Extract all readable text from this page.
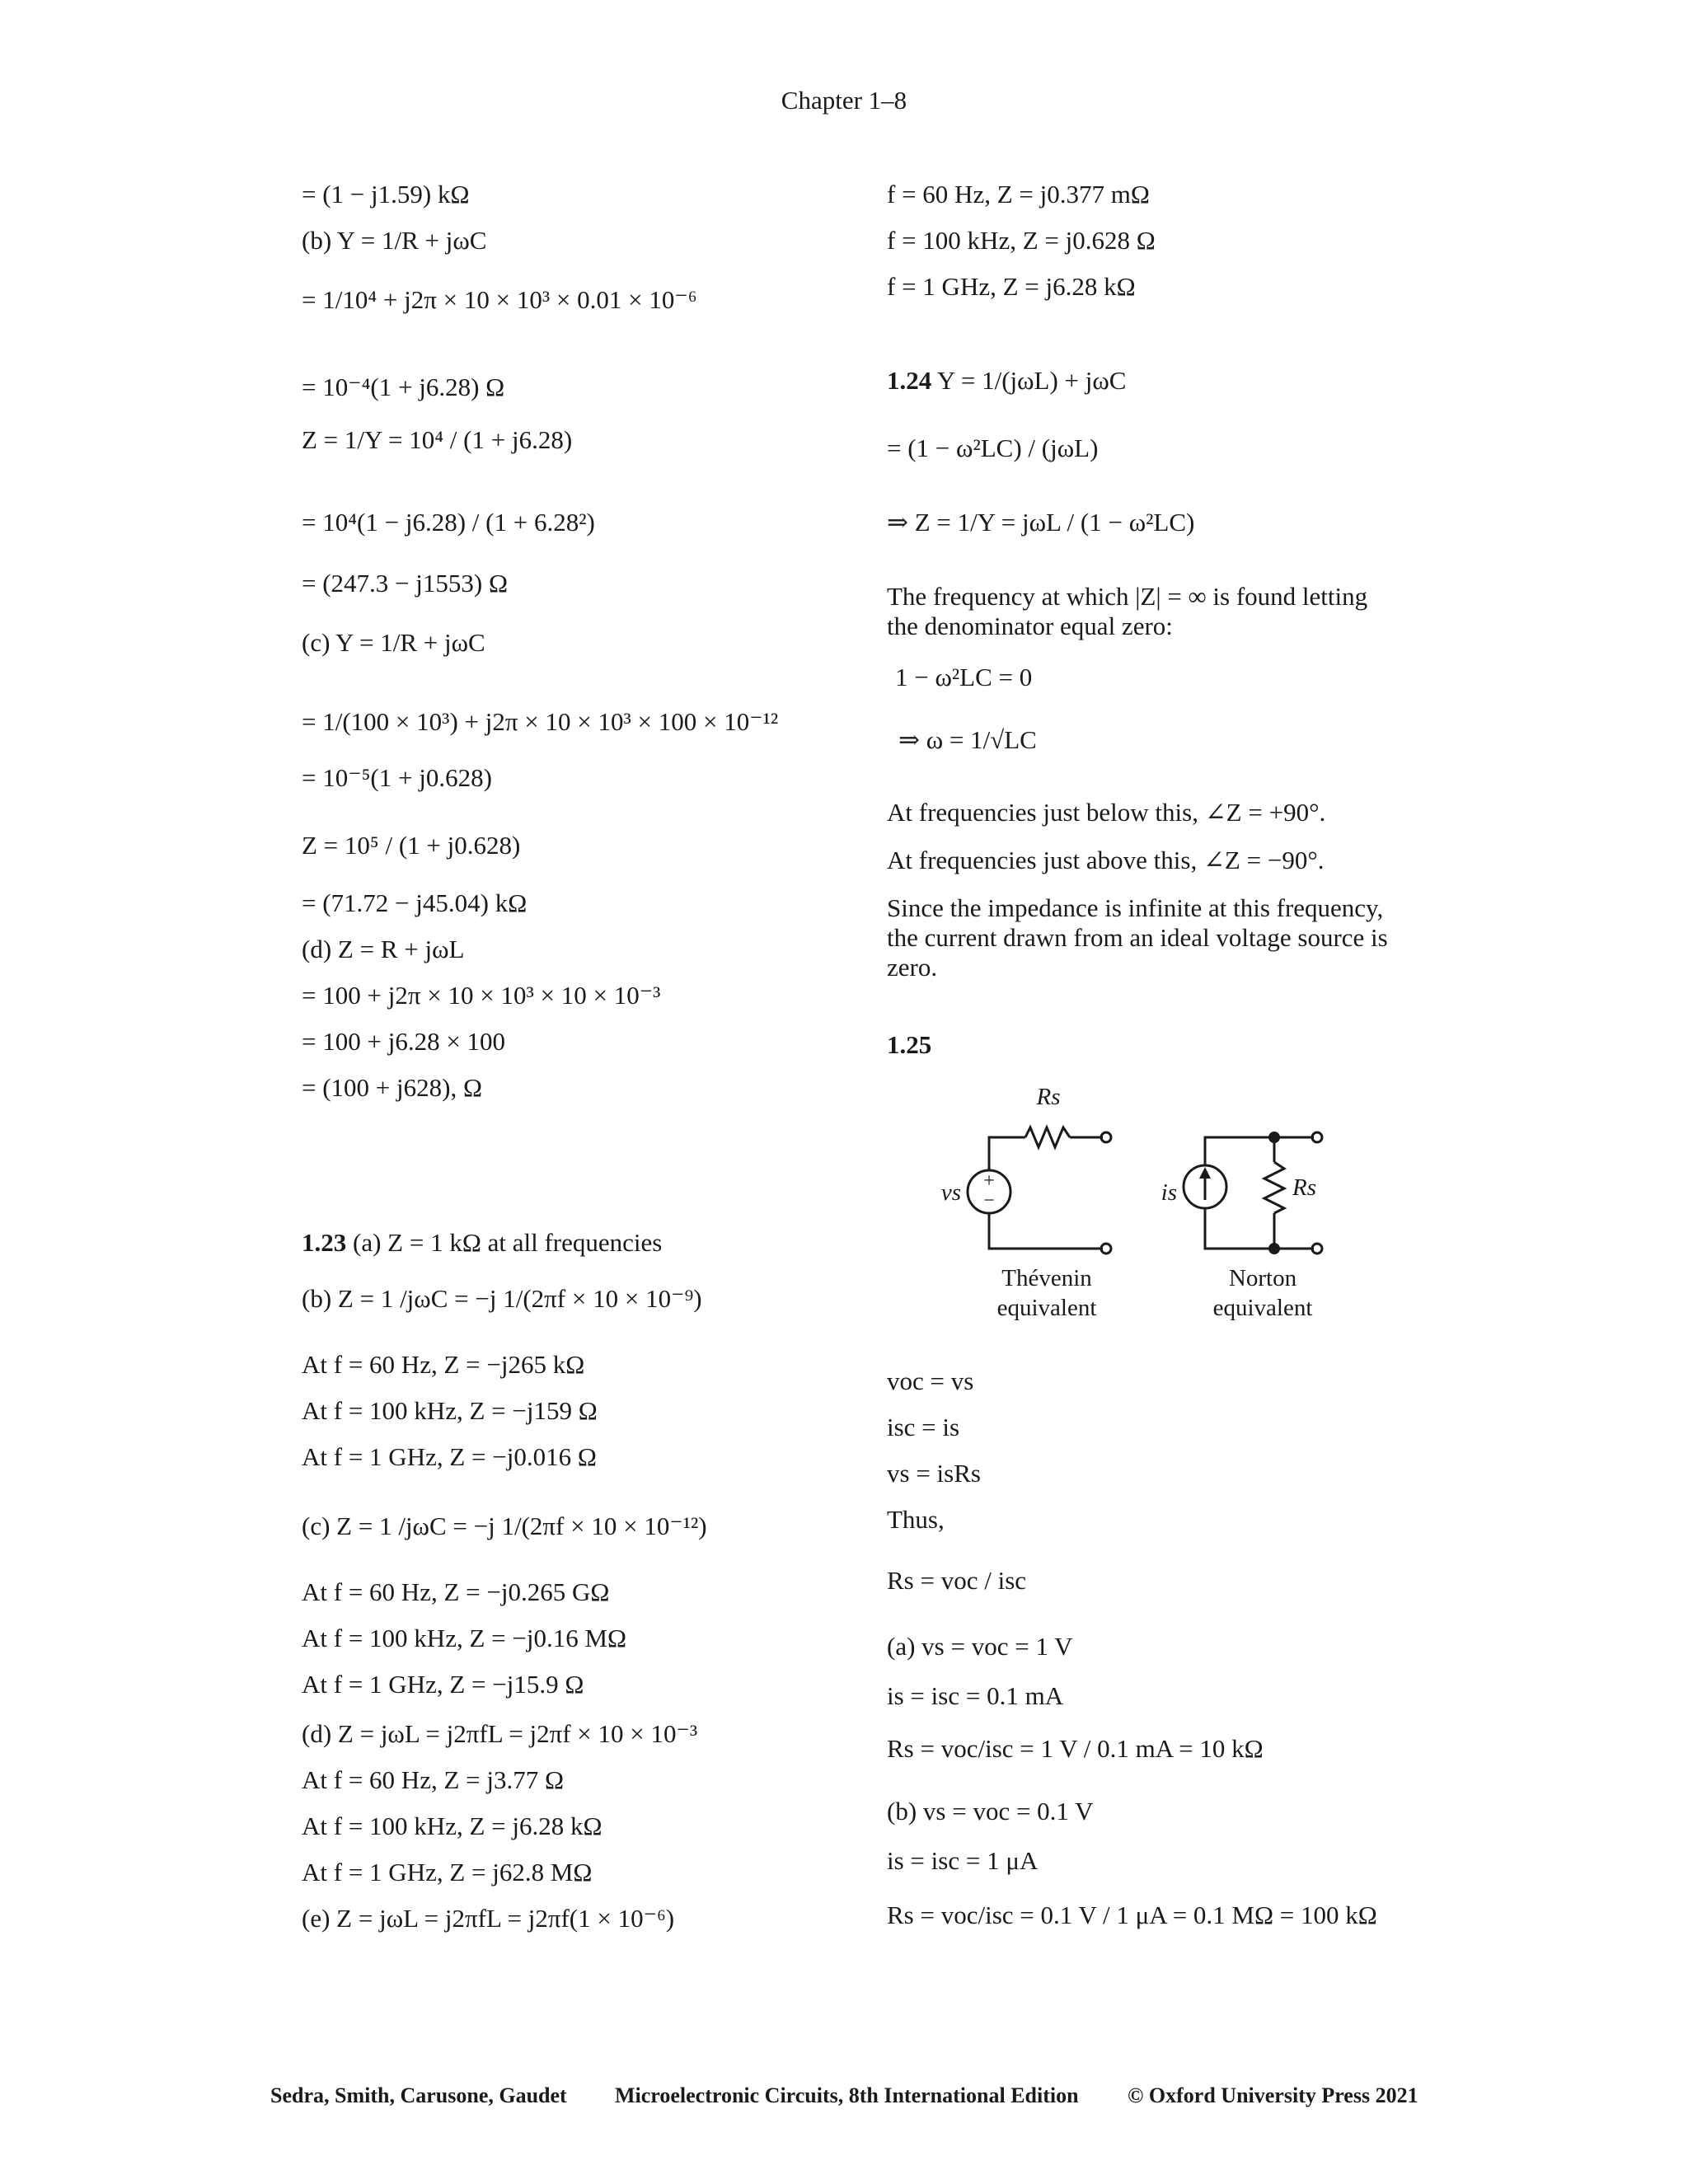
Chapter 1–8
= (1 − j1.59) kΩ
(b) Y = 1/R + jωC
= 1/10⁴ + j2π × 10 × 10³ × 0.01 × 10⁻⁶
= 10⁻⁴(1 + j6.28) Ω
Z = 1/Y = 10⁴ / (1 + j6.28)
= 10⁴(1 − j6.28) / (1 + 6.28²)
= (247.3 − j1553) Ω
(c) Y = 1/R + jωC
= 1/(100 × 10³) + j2π × 10 × 10³ × 100 × 10⁻¹²
= 10⁻⁵(1 + j0.628)
Z = 10⁵ / (1 + j0.628)
= (71.72 − j45.04) kΩ
(d) Z = R + jωL
= 100 + j2π × 10 × 10³ × 10 × 10⁻³
= 100 + j6.28 × 100
= (100 + j628), Ω
1.23 (a) Z = 1 kΩ at all frequencies
(b) Z = 1 /jωC = −j 1/(2πf × 10 × 10⁻⁹)
At f = 60 Hz, Z = −j265 kΩ
At f = 100 kHz, Z = −j159 Ω
At f = 1 GHz, Z = −j0.016 Ω
(c) Z = 1 /jωC = −j 1/(2πf × 10 × 10⁻¹²)
At f = 60 Hz, Z = −j0.265 GΩ
At f = 100 kHz, Z = −j0.16 MΩ
At f = 1 GHz, Z = −j15.9 Ω
(d) Z = jωL = j2πfL = j2πf × 10 × 10⁻³
At f = 60 Hz, Z = j3.77 Ω
At f = 100 kHz, Z = j6.28 kΩ
At f = 1 GHz, Z = j62.8 MΩ
(e) Z = jωL = j2πfL = j2πf(1 × 10⁻⁶)
f = 60 Hz, Z = j0.377 mΩ
f = 100 kHz, Z = j0.628 Ω
f = 1 GHz, Z = j6.28 kΩ
1.24 Y = 1/(jωL) + jωC
= (1 − ω²LC) / (jωL)
⇒ Z = 1/Y = jωL / (1 − ω²LC)
The frequency at which |Z| = ∞ is found letting the denominator equal zero:
1 − ω²LC = 0
⇒ ω = 1/√LC
At frequencies just below this, ∠Z = +90°.
At frequencies just above this, ∠Z = −90°.
Since the impedance is infinite at this frequency, the current drawn from an ideal voltage source is zero.
1.25
voc = vs
isc = is
vs = isRs
Thus,
Rs = voc / isc
(a) vs = voc = 1 V
is = isc = 0.1 mA
Rs = voc/isc = 1 V / 0.1 mA = 10 kΩ
(b) vs = voc = 0.1 V
is = isc = 1 μA
Rs = voc/isc = 0.1 V / 1 μA = 0.1 MΩ = 100 kΩ
+
−
Rs
vs	is	Rs
Thévenin
equivalent
Norton
equivalent
Sedra, Smith, Carusone, Gaudet Microelectronic Circuits, 8th International Edition © Oxford University Press 2021
